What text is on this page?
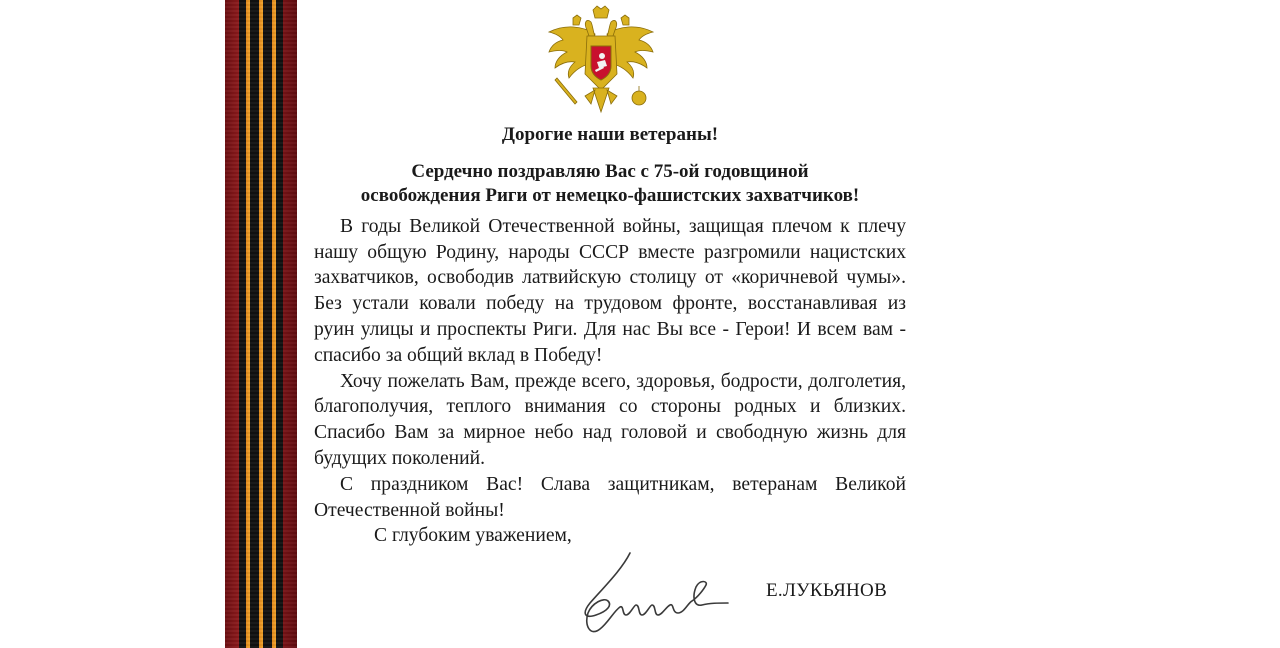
Дорогие наши ветераны!

Сердечно поздравляю Вас с 75-ой годовщиной
освобождения Риги от немецко-фашистских захватчиков!

В годы Великой Отечественной войны, защищая плечом к плечу нашу общую Родину, народы СССР вместе разгромили нацистских захватчиков, освободив латвийскую столицу от «коричневой чумы». Без устали ковали победу на трудовом фронте, восстанавливая из руин улицы и проспекты Риги. Для нас Вы все - Герои! И всем вам - спасибо за общий вклад в Победу!

Хочу пожелать Вам, прежде всего, здоровья, бодрости, долголетия, благополучия, теплого внимания со стороны родных и близких. Спасибо Вам за мирное небо над головой и свободную жизнь для будущих поколений.

С праздником Вас! Слава защитникам, ветеранам Великой Отечественной войны!

С глубоким уважением,

Е.ЛУКЬЯНОВ
